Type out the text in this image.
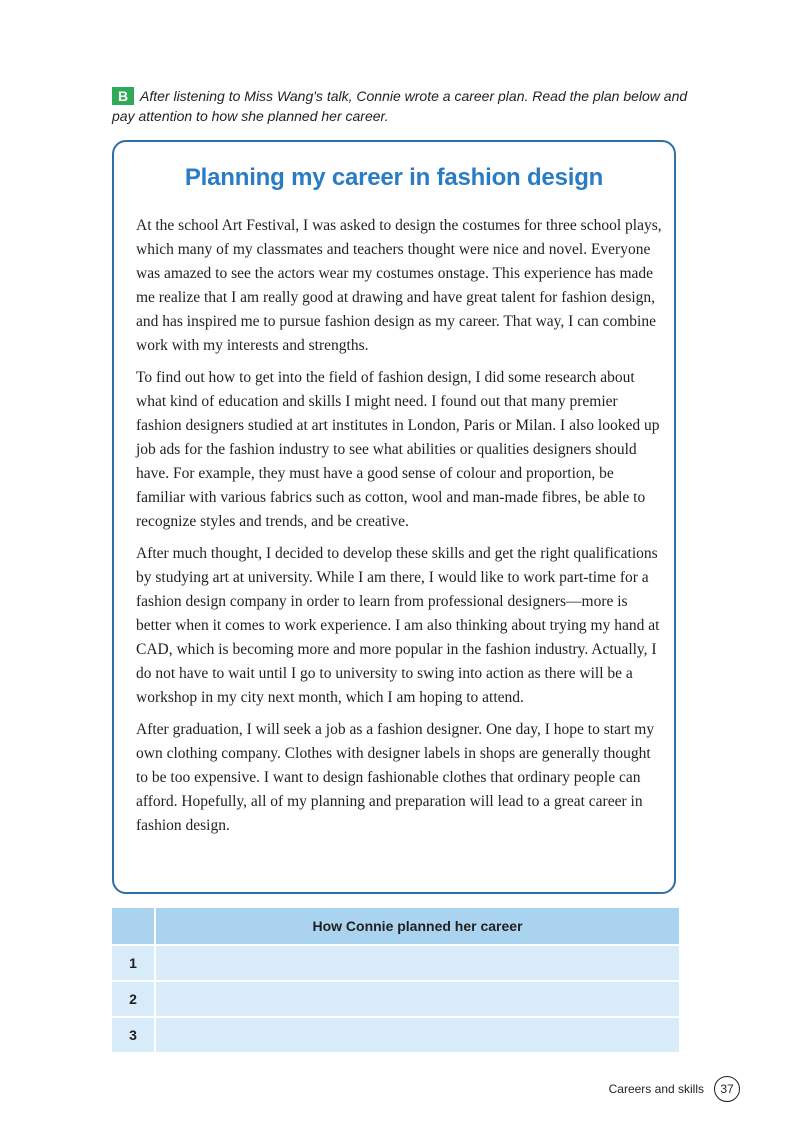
B After listening to Miss Wang's talk, Connie wrote a career plan. Read the plan below and pay attention to how she planned her career.
Planning my career in fashion design

At the school Art Festival, I was asked to design the costumes for three school plays, which many of my classmates and teachers thought were nice and novel. Everyone was amazed to see the actors wear my costumes onstage. This experience has made me realize that I am really good at drawing and have great talent for fashion design, and has inspired me to pursue fashion design as my career. That way, I can combine work with my interests and strengths.

To find out how to get into the field of fashion design, I did some research about what kind of education and skills I might need. I found out that many premier fashion designers studied at art institutes in London, Paris or Milan. I also looked up job ads for the fashion industry to see what abilities or qualities designers should have. For example, they must have a good sense of colour and proportion, be familiar with various fabrics such as cotton, wool and man-made fibres, be able to recognize styles and trends, and be creative.

After much thought, I decided to develop these skills and get the right qualifications by studying art at university. While I am there, I would like to work part-time for a fashion design company in order to learn from professional designers—more is better when it comes to work experience. I am also thinking about trying my hand at CAD, which is becoming more and more popular in the fashion industry. Actually, I do not have to wait until I go to university to swing into action as there will be a workshop in my city next month, which I am hoping to attend.

After graduation, I will seek a job as a fashion designer. One day, I hope to start my own clothing company. Clothes with designer labels in shops are generally thought to be too expensive. I want to design fashionable clothes that ordinary people can afford. Hopefully, all of my planning and preparation will lead to a great career in fashion design.

	How Connie planned her career
1	
2	
3	
Careers and skills	37
